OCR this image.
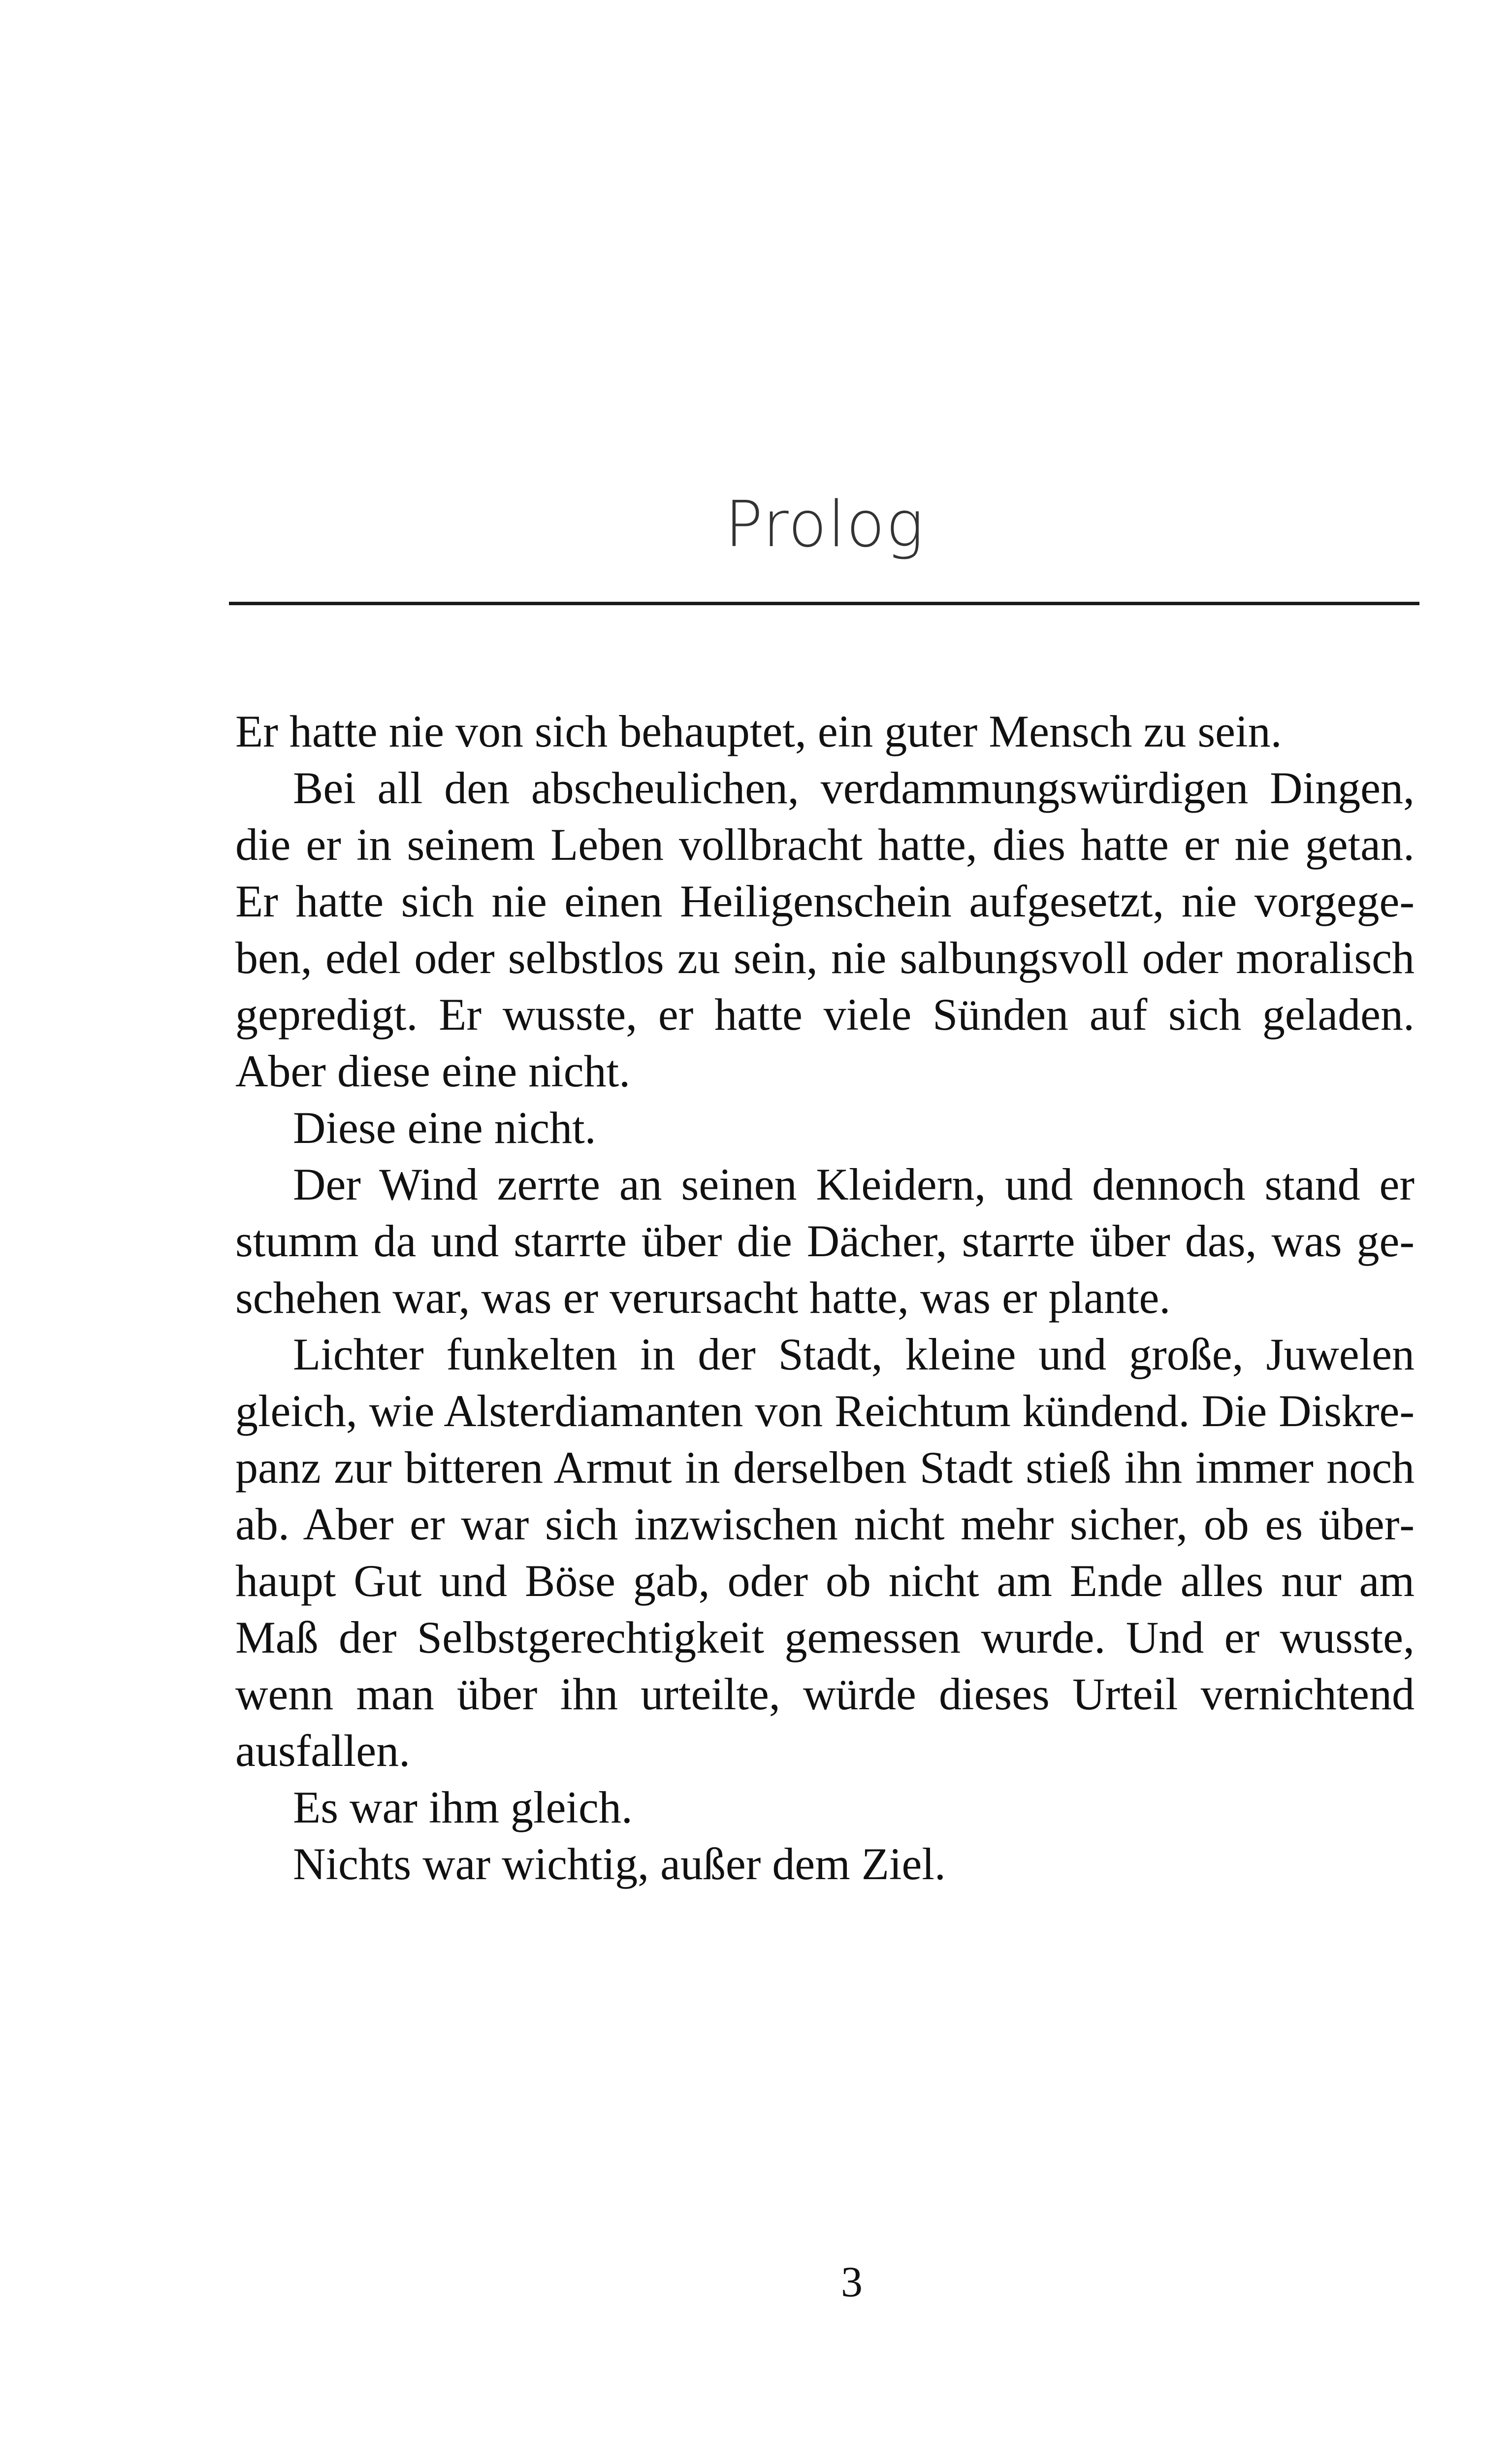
Prolog

Er hatte nie von sich behauptet, ein guter Mensch zu sein.

Bei all den abscheulichen, verdammungswürdigen Dingen, die er in seinem Leben vollbracht hatte, dies hatte er nie getan. Er hatte sich nie einen Heiligenschein aufgesetzt, nie vorgegeben, edel oder selbstlos zu sein, nie salbungsvoll oder moralisch gepredigt. Er wusste, er hatte viele Sünden auf sich geladen. Aber diese eine nicht.

Diese eine nicht.

Der Wind zerrte an seinen Kleidern, und dennoch stand er stumm da und starrte über die Dächer, starrte über das, was geschehen war, was er verursacht hatte, was er plante.

Lichter funkelten in der Stadt, kleine und große, Juwelen gleich, wie Alsterdiamanten von Reichtum kündend. Die Diskrepanz zur bitteren Armut in derselben Stadt stieß ihn immer noch ab. Aber er war sich inzwischen nicht mehr sicher, ob es überhaupt Gut und Böse gab, oder ob nicht am Ende alles nur am Maß der Selbstgerechtigkeit gemessen wurde. Und er wusste, wenn man über ihn urteilte, würde dieses Urteil vernichtend ausfallen.

Es war ihm gleich.

Nichts war wichtig, außer dem Ziel.

3
